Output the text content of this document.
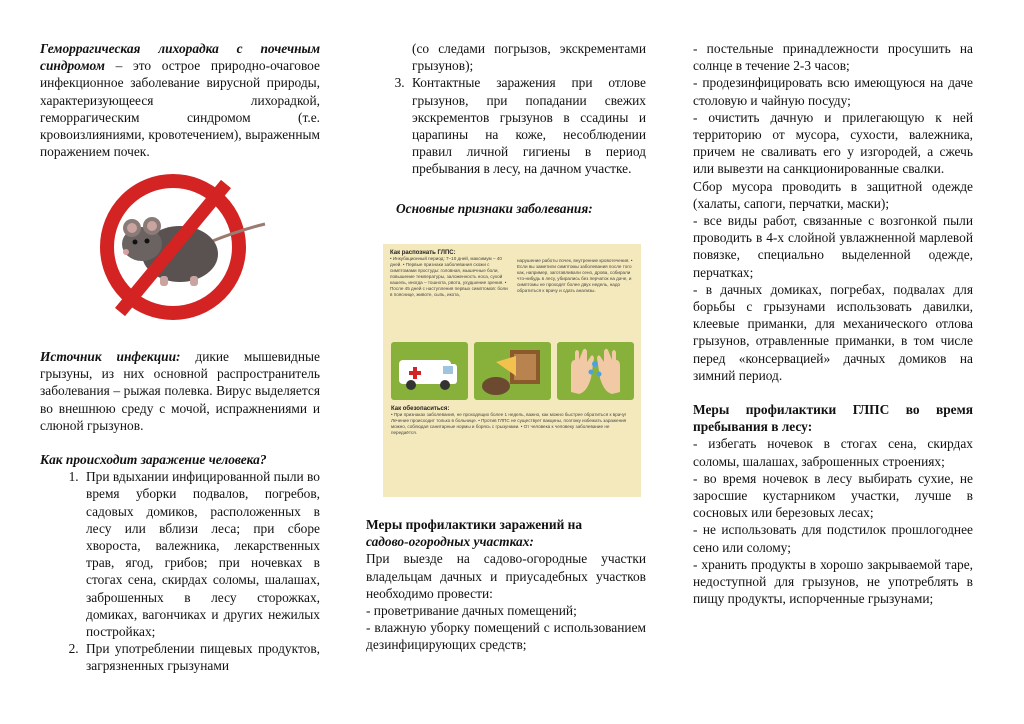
Геморрагическая лихорадка с почечным синдромом – это острое природно-очаговое инфекционное заболевание вирусной природы, характеризующееся лихорадкой, геморрагическим синдромом (т.е. кровоизлияниями, кровотечением), выраженным поражением почек.

Источник инфекции: дикие мышевидные грызуны, из них основной распространитель заболевания – рыжая полевка. Вирус выделяется во внешнюю среду с мочой, испражнениями и слюной грызунов.

Как происходит заражение человека?

1. При вдыхании инфицированной пыли во время уборки подвалов, погребов, садовых домиков, расположенных в лесу или вблизи леса; при сборе хвороста, валежника, лекарственных трав, ягод, грибов; при ночевках в стогах сена, скирдах соломы, шалашах, заброшенных в лесу сторожках, домиках, вагончиках и других нежилых постройках;
2. При употреблении пищевых продуктов, загрязненных грызунами

(со следами погрызов, экскрементами грызунов);

3. Контактные заражения при отлове грызунов, при попадании свежих экскрементов грызунов в ссадины и царапины на коже, несоблюдении правил личной гигиены в период пребывания в лесу, на дачном участке.

Основные признаки заболевания:

Как распознать ГЛПС:
• Инкубационный период: 7–10 дней, максимум – 40 дней. • Первые признаки заболевания схожи с симптомами простуды: головная, мышечные боли, повышение температуры, заложенность носа, сухой кашель, иногда – тошнота, рвота, ухудшение зрения. • После 45 дней с наступления первых симптомов: боли в пояснице, животе, сыпь, икота,
нарушение работы почек, внутренние кровотечения. • Если вы заметили симптомы заболевания после того как, например, заготавливали сено, дрова, собирали что-нибудь в лесу, убирались без перчаток на даче, и симптомы не проходят более двух недель, надо обратиться к врачу и сдать анализы.
Как обезопаситься:
• При признаках заболевания, не проходящих более 1 недель, важно, как можно быстрее обратиться к врачу! Лечение происходит только в больнице. • Против ГЛПС не существует вакцины, поэтому избежать заражения можно, соблюдая санитарные нормы и борясь с грызунами. • От человека к человеку заболевание не передаётся.

Меры профилактики заражений на

садово-огородных участках:

При выезде на садово-огородные участки владельцам дачных и приусадебных участков необходимо провести:

- проветривание дачных помещений;

- влажную уборку помещений с использованием дезинфицирующих средств;

- постельные принадлежности просушить на солнце в течение 2-3 часов;

- продезинфицировать всю имеющуюся на даче столовую и чайную посуду;

- очистить дачную и прилегающую к ней территорию от мусора, сухости, валежника, причем не сваливать его у изгородей, а сжечь или вывезти на санкционированные свалки.

Сбор мусора проводить в защитной одежде (халаты, сапоги, перчатки, маски);

- все виды работ, связанные с возгонкой пыли проводить в 4-х слойной увлажненной марлевой повязке, специально выделенной одежде, перчатках;

- в дачных домиках, погребах, подвалах для борьбы с грызунами использовать давилки, клеевые приманки, для механического отлова грызунов, отравленные приманки, в том числе перед «консервацией» дачных домиков на зимний период.

Меры профилактики ГЛПС во время пребывания в лесу:

- избегать ночевок в стогах сена, скирдах соломы, шалашах, заброшенных строениях;

- во время ночевок в лесу выбирать сухие, не заросшие кустарником участки, лучше в сосновых или березовых лесах;

- не использовать для подстилок прошлогоднее сено или солому;

- хранить продукты в хорошо закрываемой таре, недоступной для грызунов, не употреблять в пищу продукты, испорченные грызунами;
